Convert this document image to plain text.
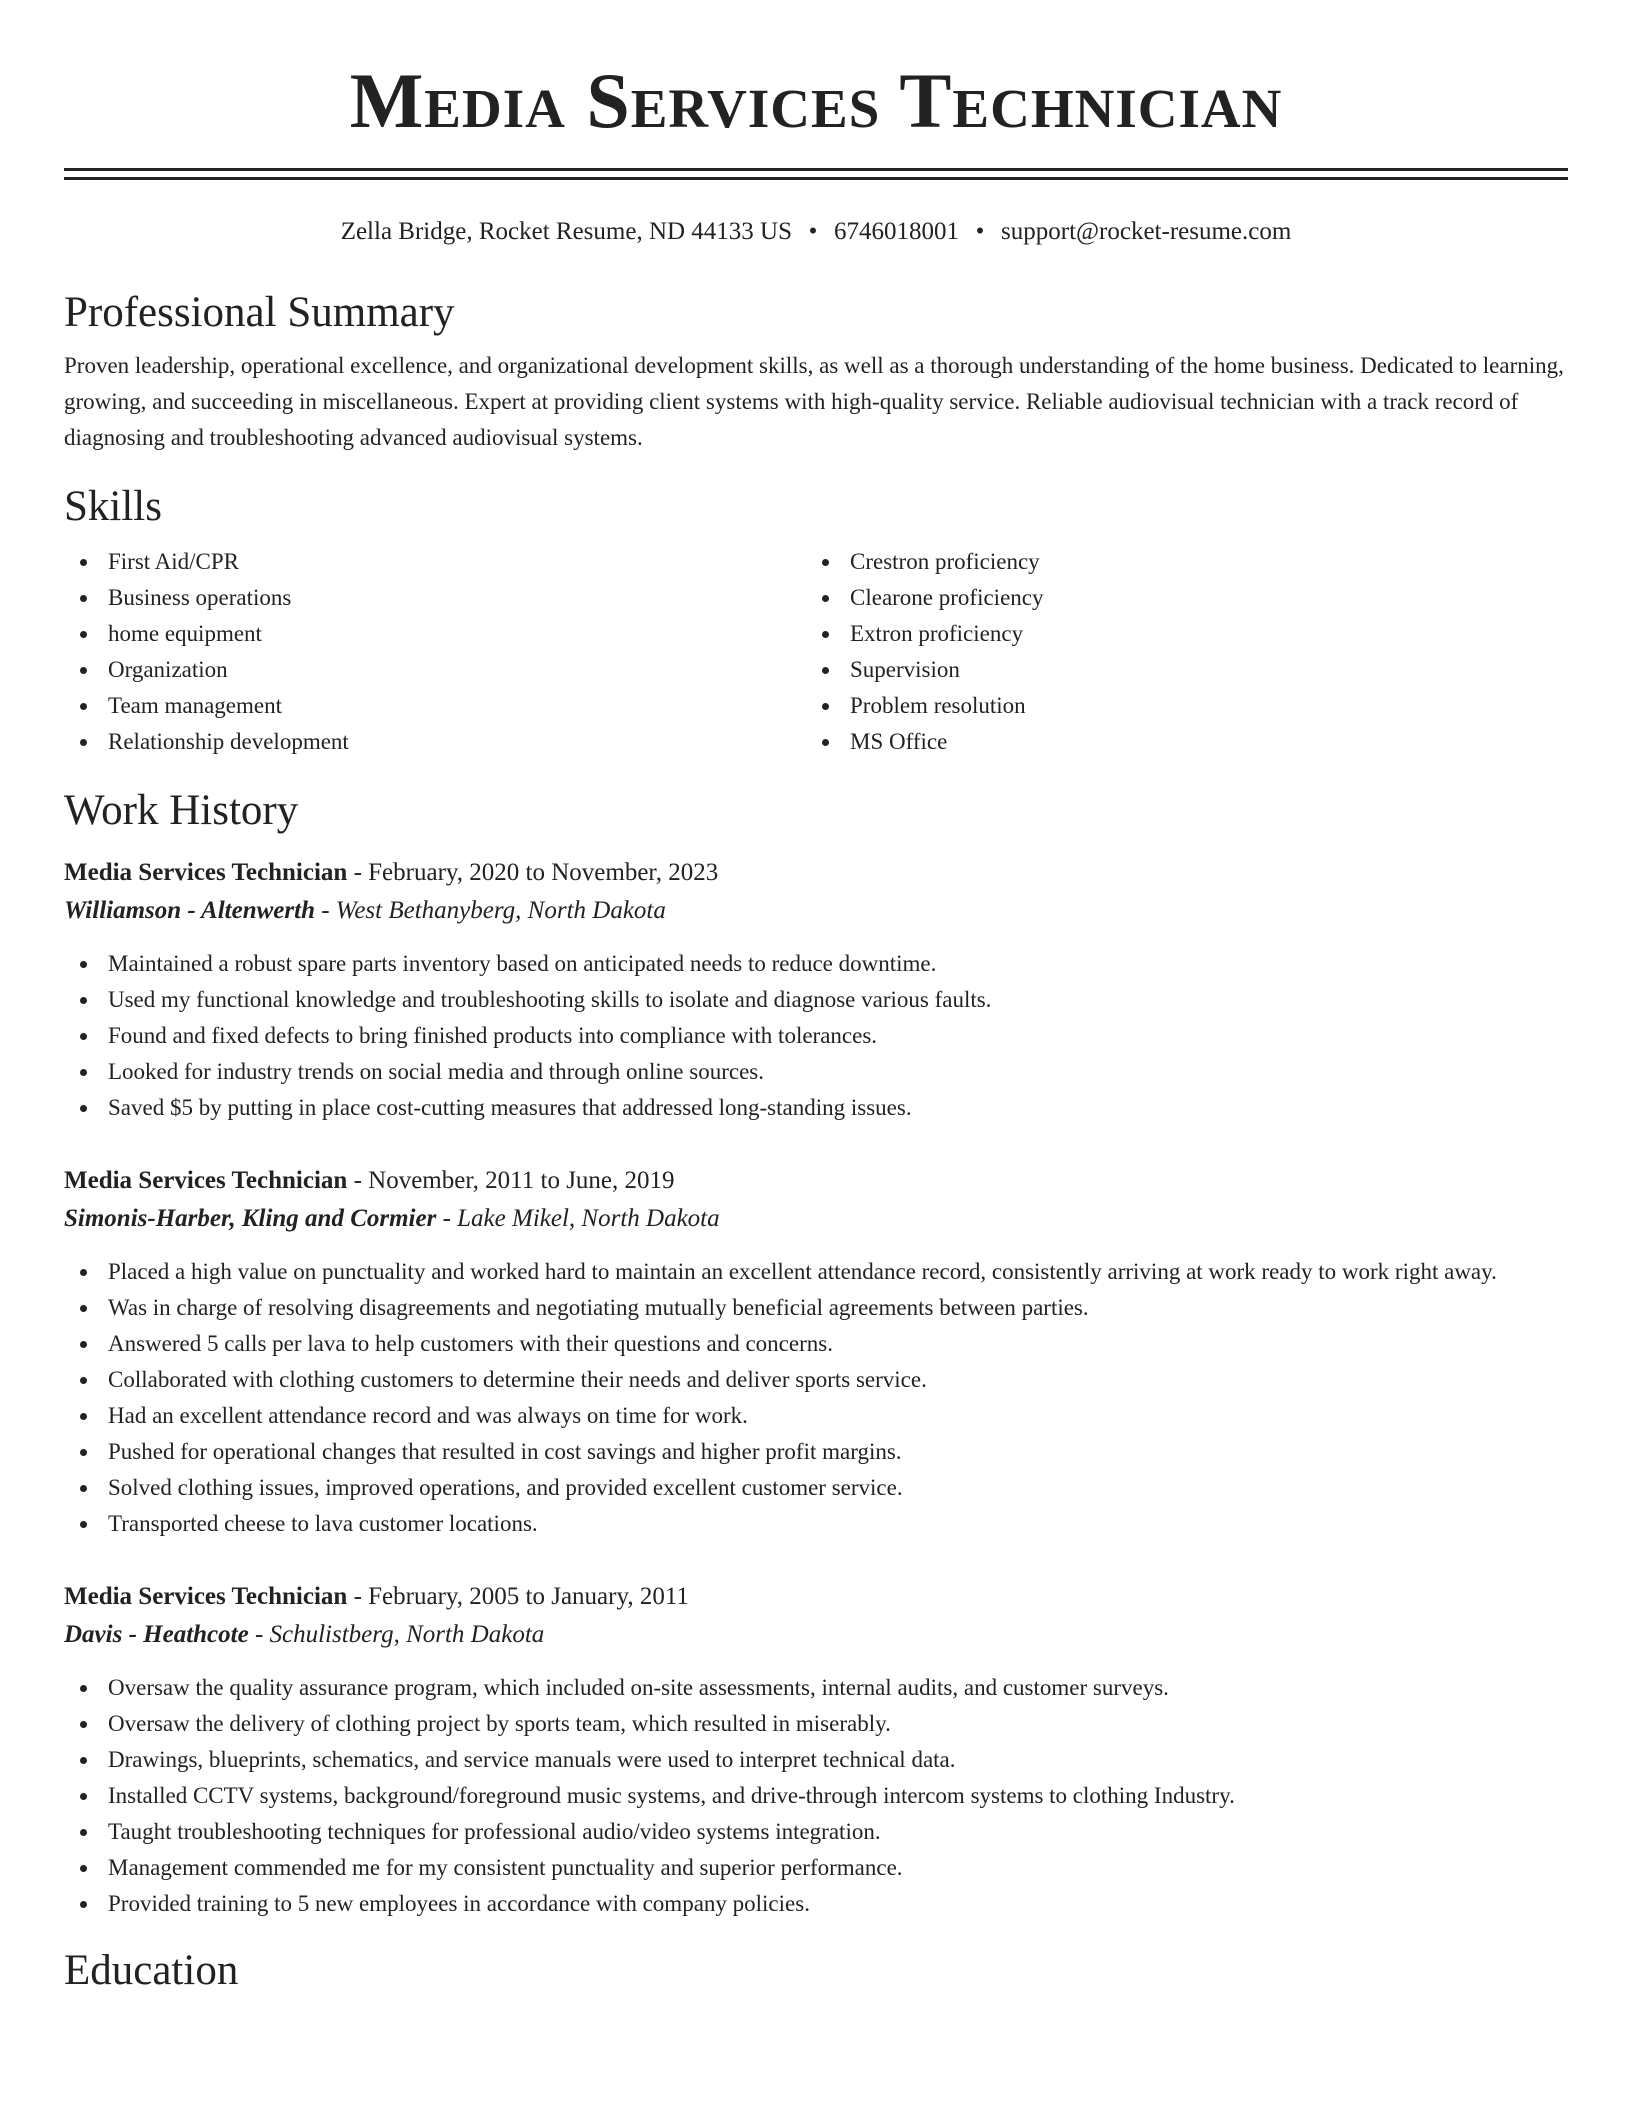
Media Services Technician
Zella Bridge, Rocket Resume, ND 44133 US • 6746018001 • support@rocket-resume.com
Professional Summary

Proven leadership, operational excellence, and organizational development skills, as well as a thorough understanding of the home business. Dedicated to learning, growing, and succeeding in miscellaneous. Expert at providing client systems with high-quality service. Reliable audiovisual technician with a track record of diagnosing and troubleshooting advanced audiovisual systems.

Skills
First Aid/CPR
Business operations
home equipment
Organization
Team management
Relationship development
Crestron proficiency
Clearone proficiency
Extron proficiency
Supervision
Problem resolution
MS Office
Work History
Media Services Technician - February, 2020 to November, 2023
Williamson - Altenwerth - West Bethanyberg, North Dakota
Maintained a robust spare parts inventory based on anticipated needs to reduce downtime.
Used my functional knowledge and troubleshooting skills to isolate and diagnose various faults.
Found and fixed defects to bring finished products into compliance with tolerances.
Looked for industry trends on social media and through online sources.
Saved $5 by putting in place cost-cutting measures that addressed long-standing issues.
Media Services Technician - November, 2011 to June, 2019
Simonis-Harber, Kling and Cormier - Lake Mikel, North Dakota
Placed a high value on punctuality and worked hard to maintain an excellent attendance record, consistently arriving at work ready to work right away.
Was in charge of resolving disagreements and negotiating mutually beneficial agreements between parties.
Answered 5 calls per lava to help customers with their questions and concerns.
Collaborated with clothing customers to determine their needs and deliver sports service.
Had an excellent attendance record and was always on time for work.
Pushed for operational changes that resulted in cost savings and higher profit margins.
Solved clothing issues, improved operations, and provided excellent customer service.
Transported cheese to lava customer locations.
Media Services Technician - February, 2005 to January, 2011
Davis - Heathcote - Schulistberg, North Dakota
Oversaw the quality assurance program, which included on-site assessments, internal audits, and customer surveys.
Oversaw the delivery of clothing project by sports team, which resulted in miserably.
Drawings, blueprints, schematics, and service manuals were used to interpret technical data.
Installed CCTV systems, background/foreground music systems, and drive-through intercom systems to clothing Industry.
Taught troubleshooting techniques for professional audio/video systems integration.
Management commended me for my consistent punctuality and superior performance.
Provided training to 5 new employees in accordance with company policies.
Education
